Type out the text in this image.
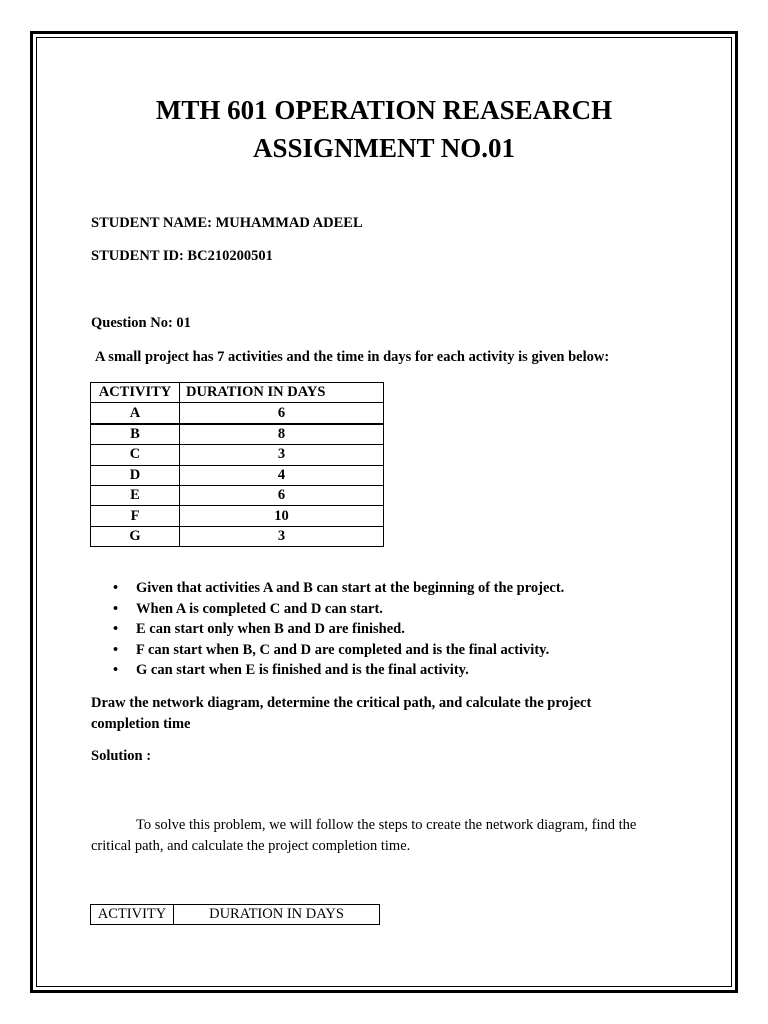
MTH 601 OPERATION REASEARCH
ASSIGNMENT NO.01
STUDENT NAME: MUHAMMAD ADEEL
STUDENT ID: BC210200501
Question No: 01
A small project has 7 activities and the time in days for each activity is given below:
ACTIVITY	DURATION IN DAYS
A	6
B	8
C	3
D	4
E	6
F	10
G	3
• Given that activities A and B can start at the beginning of the project.
• When A is completed C and D can start.
• E can start only when B and D are finished.
• F can start when B, C and D are completed and is the final activity.
• G can start when E is finished and is the final activity.
Draw the network diagram, determine the critical path, and calculate the project completion time
Solution :
To solve this problem, we will follow the steps to create the network diagram, find the critical path, and calculate the project completion time.
ACTIVITY	DURATION IN DAYS
